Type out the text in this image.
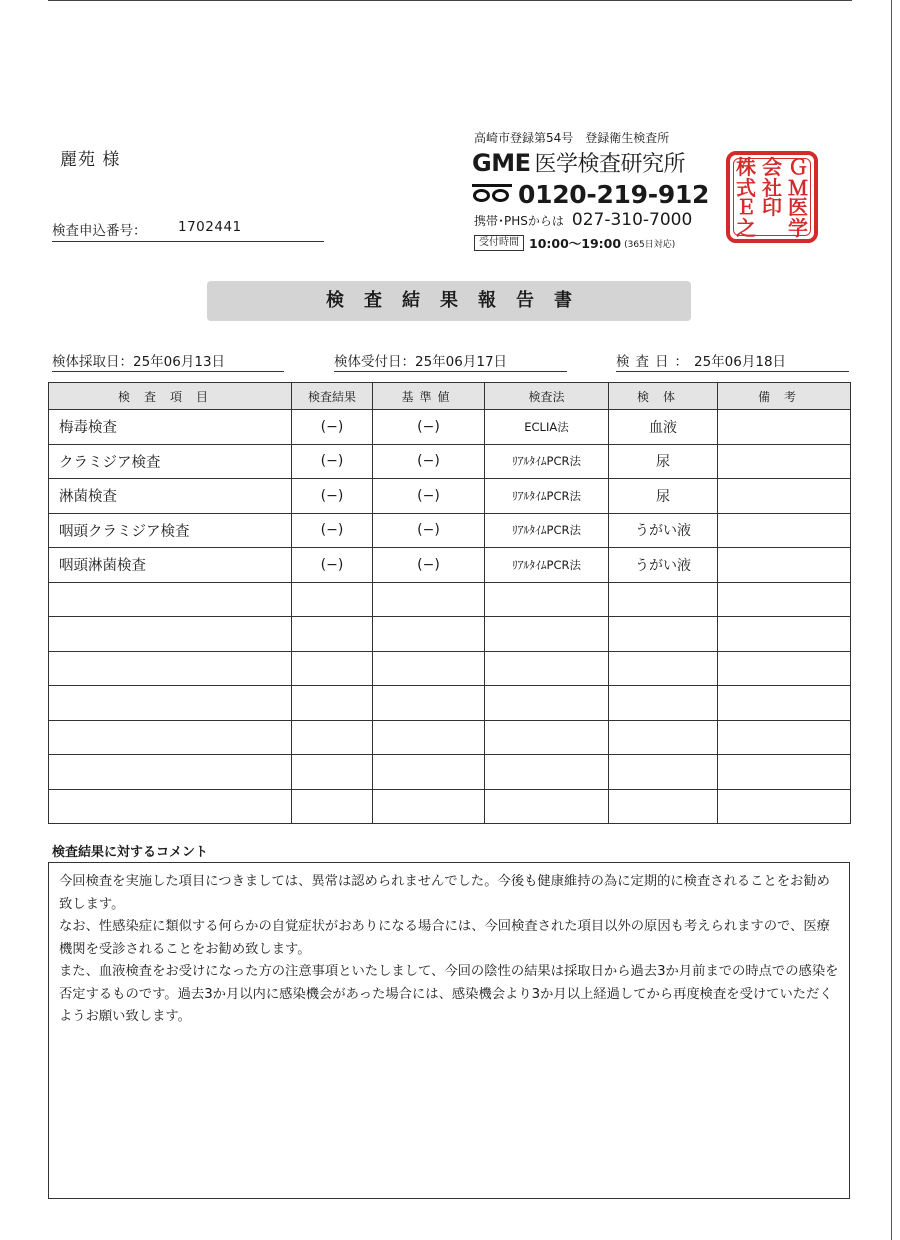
麗苑 様
検査申込番号： 1702441
高崎市登録第54号　登録衛生検査所
GME 医学検査研究所
0120-219-912
携帯･PHSからは 027-310-7000
受付時間 10:00〜19:00 (365日対応)
株
式
会
社
Ｇ
Ｍ
Ｅ
之
印 医
学
検査結果報告書
検体採取日：25年06月13日	検体受付日：25年06月17日	検査日：25年06月18日
検査項目	検査結果	基準値	検査法	検体	備考
梅毒検査	(−)	(−)	ECLIA法	血液	
クラミジア検査	(−)	(−)	ﾘｱﾙﾀｲﾑPCR法	尿	
淋菌検査	(−)	(−)	ﾘｱﾙﾀｲﾑPCR法	尿	
咽頭クラミジア検査	(−)	(−)	ﾘｱﾙﾀｲﾑPCR法	うがい液	
咽頭淋菌検査	(−)	(−)	ﾘｱﾙﾀｲﾑPCR法	うがい液	

検査結果に対するコメント

今回検査を実施した項目につきましては、異常は認められませんでした。今後も健康維持の為に定期的に検査されることをお勧め致します。

なお、性感染症に類似する何らかの自覚症状がおありになる場合には、今回検査された項目以外の原因も考えられますので、医療機関を受診されることをお勧め致します。

また、血液検査をお受けになった方の注意事項といたしまして、今回の陰性の結果は採取日から過去3か月前までの時点での感染を否定するものです。過去3か月以内に感染機会があった場合には、感染機会より3か月以上経過してから再度検査を受けていただくようお願い致します。
